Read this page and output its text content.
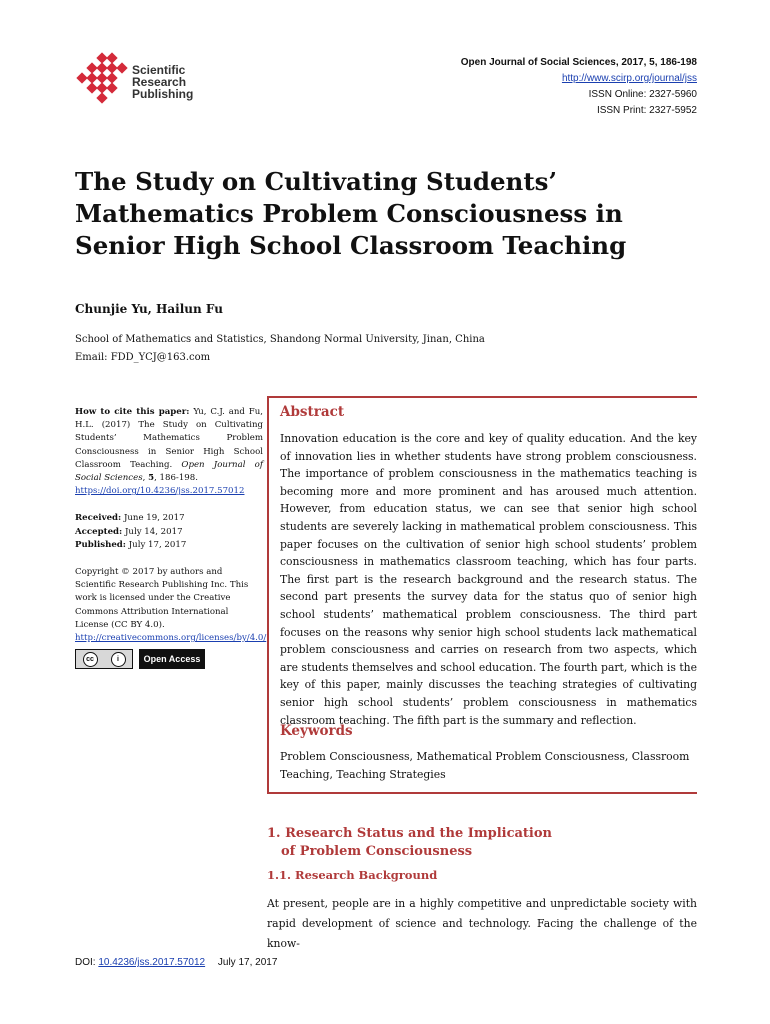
Scientific
Research
Publishing
Open Journal of Social Sciences, 2017, 5, 186-198
http://www.scirp.org/journal/jss
ISSN Online: 2327-5960
ISSN Print: 2327-5952
The Study on Cultivating Students’ Mathematics Problem Consciousness in Senior High School Classroom Teaching
Chunjie Yu, Hailun Fu
School of Mathematics and Statistics, Shandong Normal University, Jinan, China
Email: FDD_YCJ@163.com
How to cite this paper: Yu, C.J. and Fu, H.L. (2017) The Study on Cultivating Students’ Mathematics Problem Consciousness in Senior High School Classroom Teaching. Open Journal of Social Sciences, 5, 186-198.
https://doi.org/10.4236/jss.2017.57012
Received: June 19, 2017
Accepted: July 14, 2017
Published: July 17, 2017
Copyright © 2017 by authors and Scientific Research Publishing Inc. This work is licensed under the Creative Commons Attribution International License (CC BY 4.0).
http://creativecommons.org/licenses/by/4.0/
cc	i	Open Access
Abstract

Innovation education is the core and key of quality education. And the key of innovation lies in whether students have strong problem consciousness. The importance of problem consciousness in the mathematics teaching is becoming more and more prominent and has aroused much attention. However, from education status, we can see that senior high school students are severely lacking in mathematical problem consciousness. This paper focuses on the cultivation of senior high school students’ problem consciousness in mathematics classroom teaching, which has four parts. The first part is the research background and the research status. The second part presents the survey data for the status quo of senior high school students’ mathematical problem consciousness. The third part focuses on the reasons why senior high school students lack mathematical problem consciousness and carries on research from two aspects, which are students themselves and school education. The fourth part, which is the key of this paper, mainly discusses the teaching strategies of cultivating senior high school students’ problem consciousness in mathematics classroom teaching. The fifth part is the summary and reflection.

Keywords

Problem Consciousness, Mathematical Problem Consciousness, Classroom Teaching, Teaching Strategies

1. Research Status and the Implication
of Problem Consciousness
1.1. Research Background

At present, people are in a highly competitive and unpredictable society with rapid development of science and technology. Facing the challenge of the know-

DOI: 10.4236/jss.2017.57012 July 17, 2017
